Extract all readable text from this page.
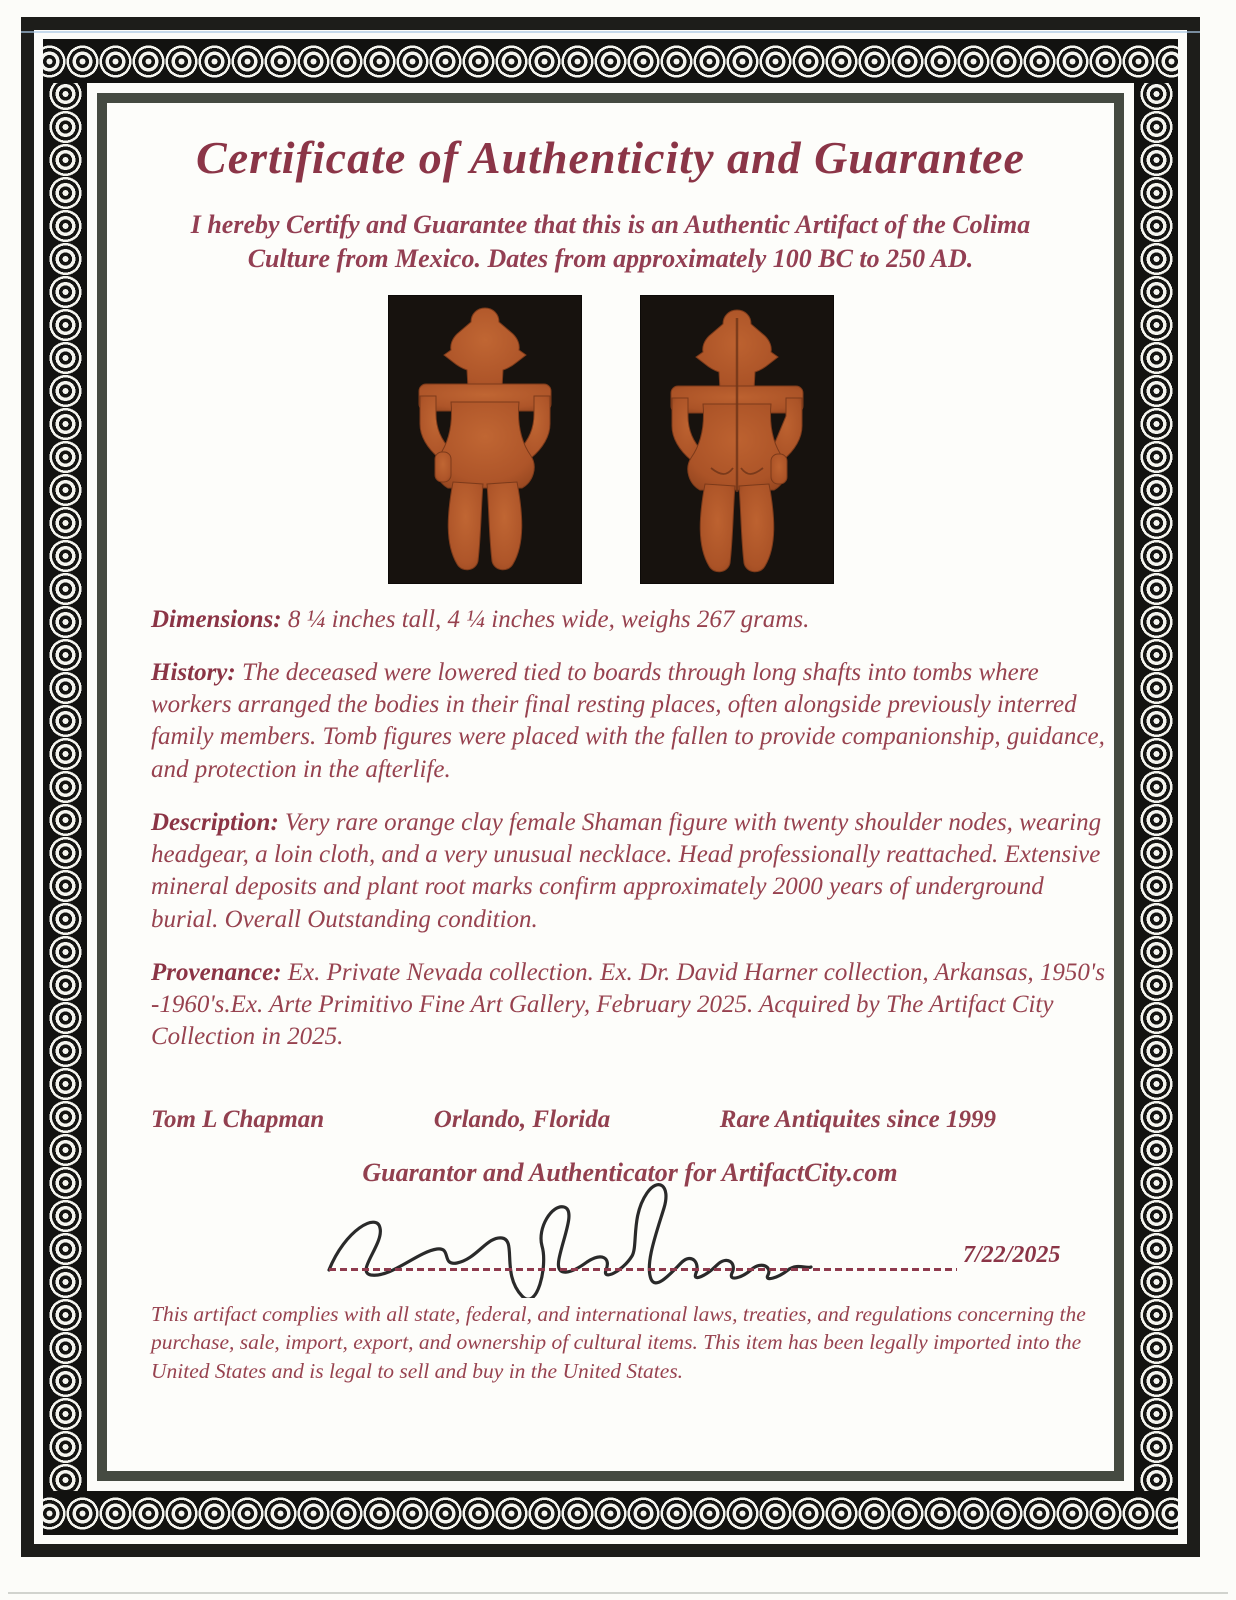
Certificate of Authenticity and Guarantee

I hereby Certify and Guarantee that this is an Authentic Artifact of the Colima Culture from Mexico. Dates from approximately 100 BC to 250 AD.

Dimensions: 8 ¼ inches tall, 4 ¼ inches wide, weighs 267 grams.

History: The deceased were lowered tied to boards through long shafts into tombs where workers arranged the bodies in their final resting places, often alongside previously interred family members. Tomb figures were placed with the fallen to provide companionship, guidance, and protection in the afterlife.

Description: Very rare orange clay female Shaman figure with twenty shoulder nodes, wearing headgear, a loin cloth, and a very unusual necklace. Head professionally reattached. Extensive mineral deposits and plant root marks confirm approximately 2000 years of underground burial. Overall Outstanding condition.

Provenance: Ex. Private Nevada collection. Ex. Dr. David Harner collection, Arkansas, 1950's -1960's.Ex. Arte Primitivo Fine Art Gallery, February 2025. Acquired by The Artifact City Collection in 2025.

Tom L Chapman	Orlando, Florida	Rare Antiquites since 1999

Guarantor and Authenticator for ArtifactCity.com

7/22/2025

This artifact complies with all state, federal, and international laws, treaties, and regulations concerning the purchase, sale, import, export, and ownership of cultural items. This item has been legally imported into the United States and is legal to sell and buy in the United States.
